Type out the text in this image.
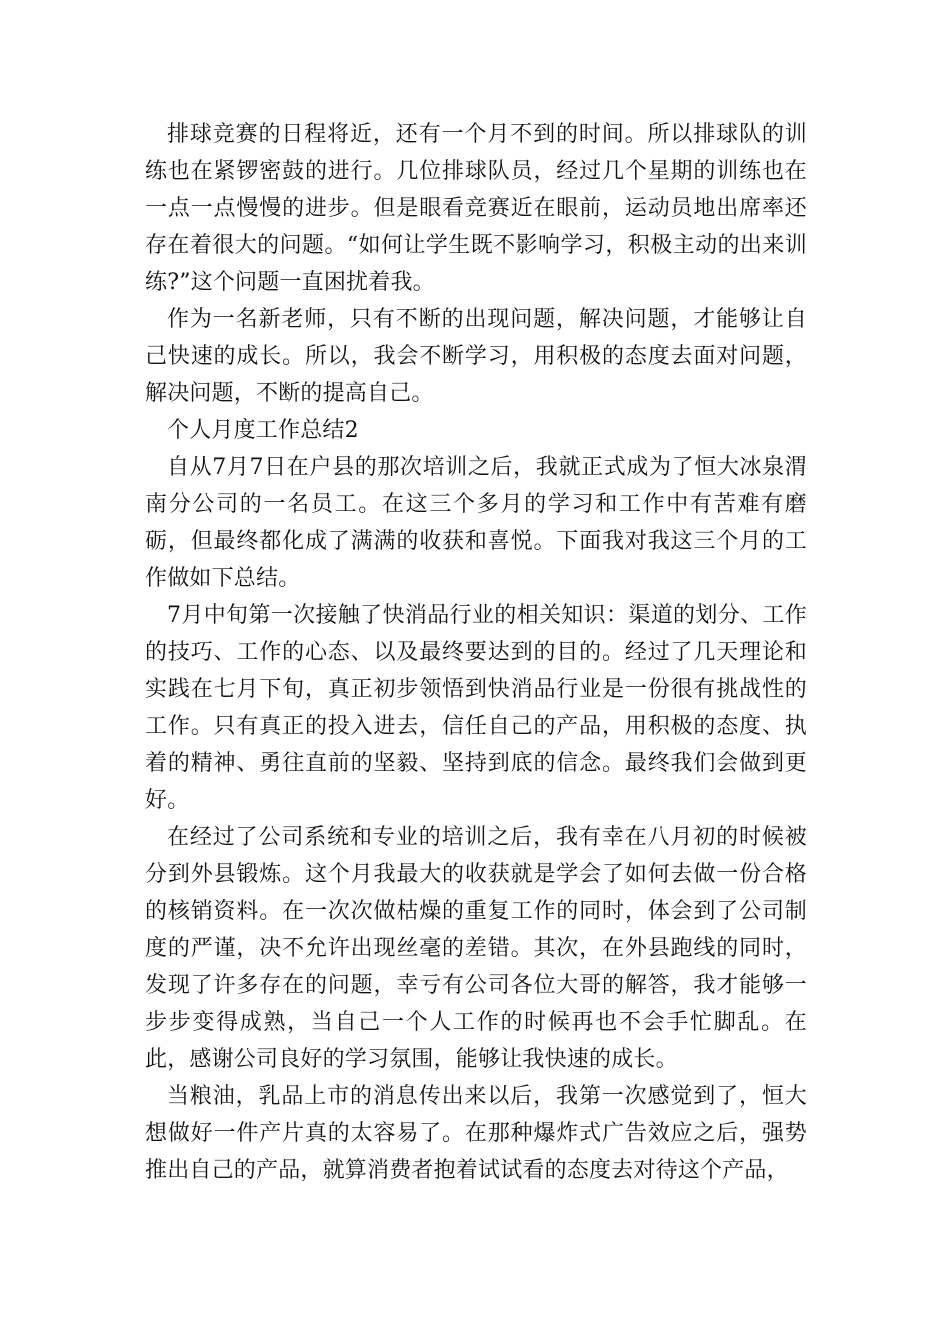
排球竞赛的日程将近，还有一个月不到的时间。所以排球队的训练也在紧锣密鼓的进行。几位排球队员，经过几个星期的训练也在一点一点慢慢的进步。但是眼看竞赛近在眼前，运动员地出席率还存在着很大的问题。“如何让学生既不影响学习，积极主动的出来训练?”这个问题一直困扰着我。

作为一名新老师，只有不断的出现问题，解决问题，才能够让自己快速的成长。所以，我会不断学习，用积极的态度去面对问题，解决问题，不断的提高自己。

个人月度工作总结2

自从7月7日在户县的那次培训之后，我就正式成为了恒大冰泉渭南分公司的一名员工。在这三个多月的学习和工作中有苦难有磨砺，但最终都化成了满满的收获和喜悦。下面我对我这三个月的工作做如下总结。

7月中旬第一次接触了快消品行业的相关知识：渠道的划分、工作的技巧、工作的心态、以及最终要达到的目的。经过了几天理论和实践在七月下旬，真正初步领悟到快消品行业是一份很有挑战性的工作。只有真正的投入进去，信任自己的产品，用积极的态度、执着的精神、勇往直前的坚毅、坚持到底的信念。最终我们会做到更好。

在经过了公司系统和专业的培训之后，我有幸在八月初的时候被分到外县锻炼。这个月我最大的收获就是学会了如何去做一份合格的核销资料。在一次次做枯燥的重复工作的同时，体会到了公司制度的严谨，决不允许出现丝毫的差错。其次，在外县跑线的同时，发现了许多存在的问题，幸亏有公司各位大哥的解答，我才能够一步步变得成熟，当自己一个人工作的时候再也不会手忙脚乱。在此，感谢公司良好的学习氛围，能够让我快速的成长。

当粮油，乳品上市的消息传出来以后，我第一次感觉到了，恒大想做好一件产片真的太容易了。在那种爆炸式广告效应之后，强势推出自己的产品，就算消费者抱着试试看的态度去对待这个产品，
